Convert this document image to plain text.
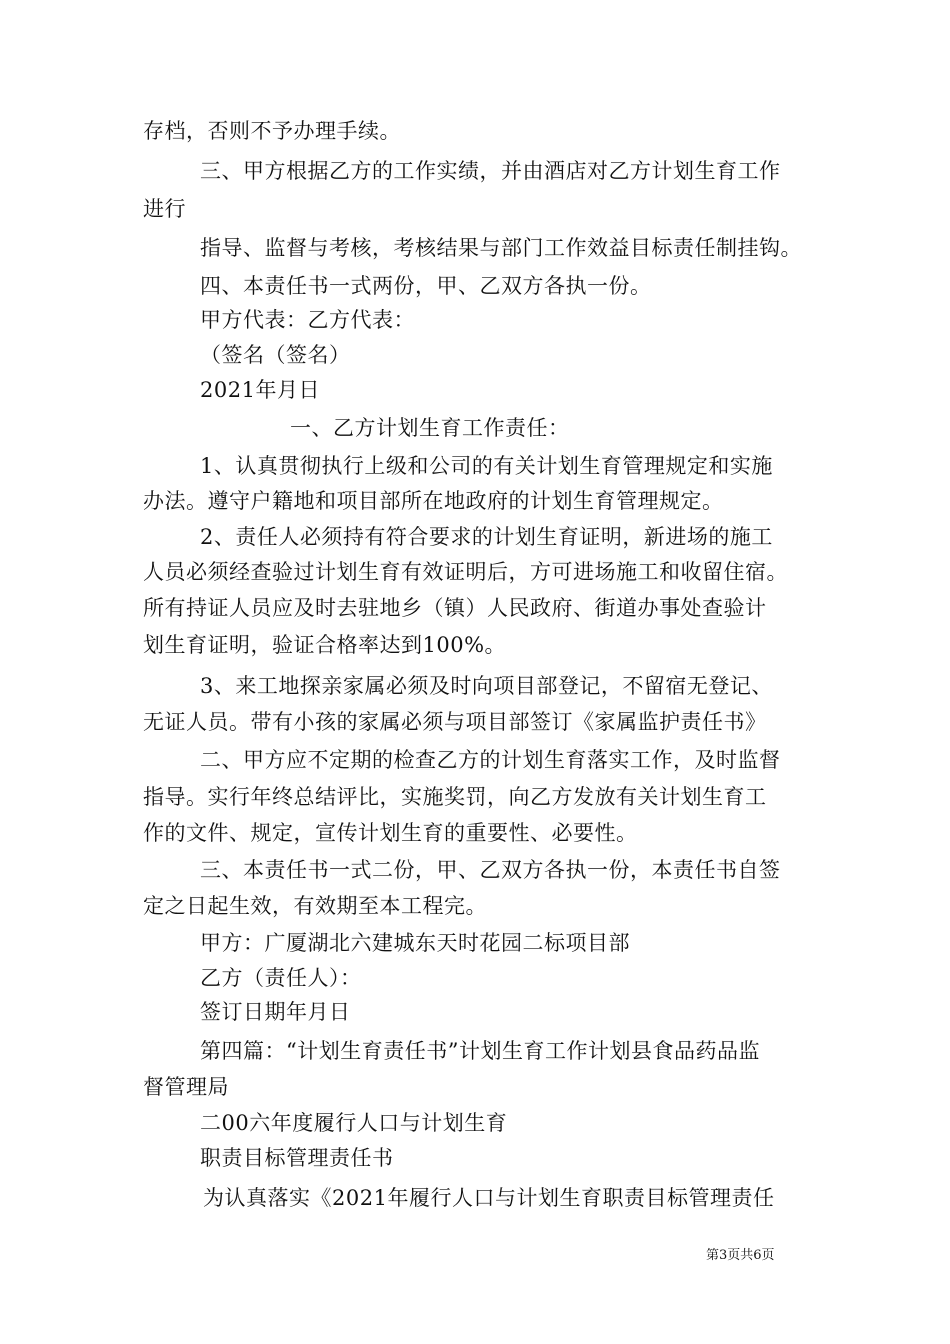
存档，否则不予办理手续。
三、甲方根据乙方的工作实绩，并由酒店对乙方计划生育工作
进行
指导、监督与考核，考核结果与部门工作效益目标责任制挂钩。
四、本责任书一式两份，甲、乙双方各执一份。
甲方代表：乙方代表：
（签名（签名）
2021年月日
一、乙方计划生育工作责任：
1、认真贯彻执行上级和公司的有关计划生育管理规定和实施
办法。遵守户籍地和项目部所在地政府的计划生育管理规定。
2、责任人必须持有符合要求的计划生育证明，新进场的施工
人员必须经查验过计划生育有效证明后，方可进场施工和收留住宿。
所有持证人员应及时去驻地乡（镇）人民政府、街道办事处查验计
划生育证明，验证合格率达到100%。
3、来工地探亲家属必须及时向项目部登记，不留宿无登记、
无证人员。带有小孩的家属必须与项目部签订《家属监护责任书》
二、甲方应不定期的检查乙方的计划生育落实工作，及时监督
指导。实行年终总结评比，实施奖罚，向乙方发放有关计划生育工
作的文件、规定，宣传计划生育的重要性、必要性。
三、本责任书一式二份，甲、乙双方各执一份，本责任书自签
定之日起生效，有效期至本工程完。
甲方：广厦湖北六建城东天时花园二标项目部
乙方（责任人）：
签订日期年月日
第四篇：“计划生育责任书”计划生育工作计划县食品药品监
督管理局
二00六年度履行人口与计划生育
职责目标管理责任书
为认真落实《2021年履行人口与计划生育职责目标管理责任
第3页共6页
